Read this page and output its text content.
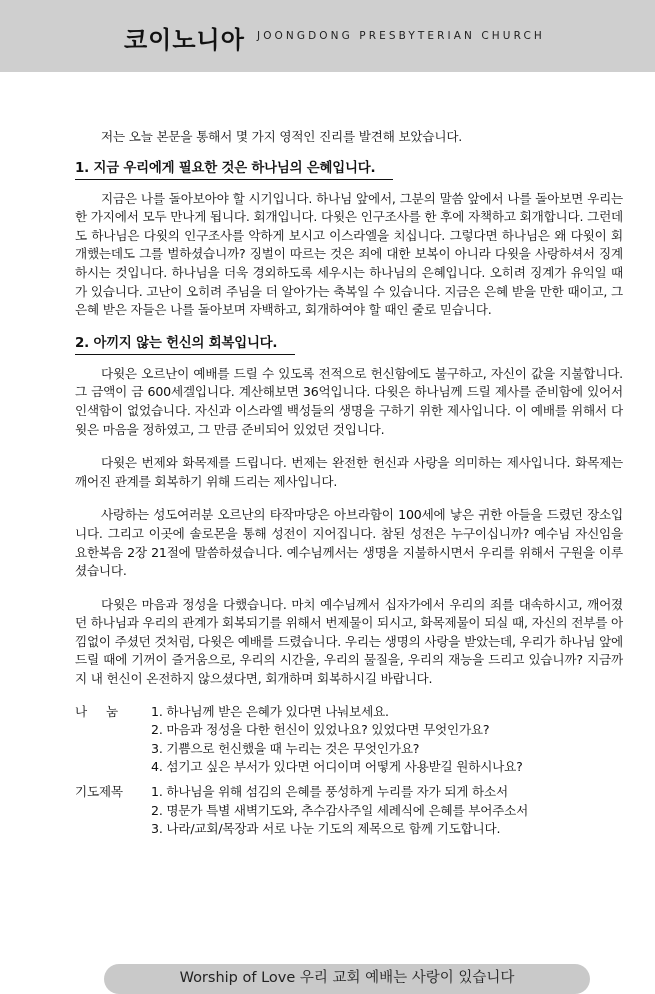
코이노니아 JOONGDONG PRESBYTERIAN CHURCH

저는 오늘 본문을 통해서 몇 가지 영적인 진리를 발견해 보았습니다.

1. 지금 우리에게 필요한 것은 하나님의 은혜입니다.

지금은 나를 돌아보아야 할 시기입니다. 하나님 앞에서, 그분의 말씀 앞에서 나를 돌아보면 우리는 한 가지에서 모두 만나게 됩니다. 회개입니다. 다윗은 인구조사를 한 후에 자책하고 회개합니다. 그런데도 하나님은 다윗의 인구조사를 악하게 보시고 이스라엘을 치십니다. 그렇다면 하나님은 왜 다윗이 회개했는데도 그를 벌하셨습니까? 징벌이 따르는 것은 죄에 대한 보복이 아니라 다윗을 사랑하셔서 징계하시는 것입니다. 하나님을 더욱 경외하도록 세우시는 하나님의 은혜입니다. 오히려 징계가 유익일 때가 있습니다. 고난이 오히려 주님을 더 알아가는 축복일 수 있습니다. 지금은 은혜 받을 만한 때이고, 그 은혜 받은 자들은 나를 돌아보며 자백하고, 회개하여야 할 때인 줄로 믿습니다.

2. 아끼지 않는 헌신의 회복입니다.

다윗은 오르난이 예배를 드릴 수 있도록 전적으로 헌신함에도 불구하고, 자신이 값을 지불합니다. 그 금액이 금 600세겔입니다. 계산해보면 36억입니다. 다윗은 하나님께 드릴 제사를 준비함에 있어서 인색함이 없었습니다. 자신과 이스라엘 백성들의 생명을 구하기 위한 제사입니다. 이 예배를 위해서 다윗은 마음을 정하였고, 그 만큼 준비되어 있었던 것입니다.

다윗은 번제와 화목제를 드립니다. 번제는 완전한 헌신과 사랑을 의미하는 제사입니다. 화목제는 깨어진 관계를 회복하기 위해 드리는 제사입니다.

사랑하는 성도여러분 오르난의 타작마당은 아브라함이 100세에 낳은 귀한 아들을 드렸던 장소입니다. 그리고 이곳에 솔로몬을 통해 성전이 지어집니다. 참된 성전은 누구이십니까? 예수님 자신임을 요한복음 2장 21절에 말씀하셨습니다. 예수님께서는 생명을 지불하시면서 우리를 위해서 구원을 이루셨습니다.

다윗은 마음과 정성을 다했습니다. 마치 예수님께서 십자가에서 우리의 죄를 대속하시고, 깨어졌던 하나님과 우리의 관계가 회복되기를 위해서 번제물이 되시고, 화목제물이 되실 때, 자신의 전부를 아낌없이 주셨던 것처럼, 다윗은 예배를 드렸습니다. 우리는 생명의 사랑을 받았는데, 우리가 하나님 앞에 드릴 때에 기꺼이 즐거움으로, 우리의 시간을, 우리의 물질을, 우리의 재능을 드리고 있습니까? 지금까지 내 헌신이 온전하지 않으셨다면, 회개하며 회복하시길 바랍니다.

나     눔	1. 하나님께 받은 은혜가 있다면 나눠보세요.
2. 마음과 정성을 다한 헌신이 있었나요? 있었다면 무엇인가요?
3. 기쁨으로 헌신했을 때 누리는 것은 무엇인가요?
4. 섬기고 싶은 부서가 있다면 어디이며 어떻게 사용받길 원하시나요?
기도제목	1. 하나님을 위해 섬김의 은혜를 풍성하게 누리를 자가 되게 하소서
2. 명문가 특별 새벽기도와, 추수감사주일 세례식에 은혜를 부어주소서
3. 나라/교회/목장과 서로 나눈 기도의 제목으로 함께 기도합니다.
Worship of Love 우리 교회 예배는 사랑이 있습니다
